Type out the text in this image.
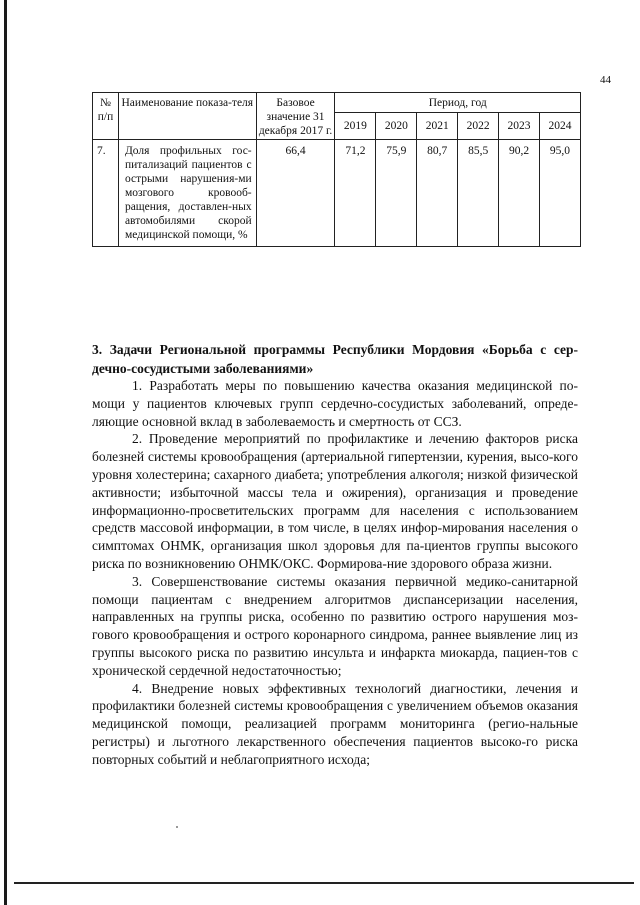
44
№ п/п	Наименование показа-теля	Базовое значение 31 декабря 2017 г.	Период, год					
			2019	2020	2021	2022	2023	2024
7.	Доля профильных гос-питализаций пациентов с острыми нарушения-ми мозгового кровооб-ращения, доставлен-ных автомобилями скорой медицинской помощи, %	66,4	71,2	75,9	80,7	85,5	90,2	95,0
3. Задачи Региональной программы Республики Мордовия «Борьба с сер-дечно-сосудистыми заболеваниями»

1. Разработать меры по повышению качества оказания медицинской по-мощи у пациентов ключевых групп сердечно-сосудистых заболеваний, опреде-ляющие основной вклад в заболеваемость и смертность от ССЗ.

2. Проведение мероприятий по профилактике и лечению факторов риска болезней системы кровообращения (артериальной гипертензии, курения, высо-кого уровня холестерина; сахарного диабета; употребления алкоголя; низкой физической активности; избыточной массы тела и ожирения), организация и проведение информационно-просветительских программ для населения с использованием средств массовой информации, в том числе, в целях инфор-мирования населения о симптомах ОНМК, организация школ здоровья для па-циентов группы высокого риска по возникновению ОНМК/ОКС. Формирова-ние здорового образа жизни.

3. Совершенствование системы оказания первичной медико-санитарной помощи пациентам с внедрением алгоритмов диспансеризации населения, направленных на группы риска, особенно по развитию острого нарушения моз-гового кровообращения и острого коронарного синдрома, раннее выявление лиц из группы высокого риска по развитию инсульта и инфаркта миокарда, пациен-тов с хронической сердечной недостаточностью;

4. Внедрение новых эффективных технологий диагностики, лечения и профилактики болезней системы кровообращения с увеличением объемов оказания медицинской помощи, реализацией программ мониторинга (регио-нальные регистры) и льготного лекарственного обеспечения пациентов высоко-го риска повторных событий и неблагоприятного исхода;
